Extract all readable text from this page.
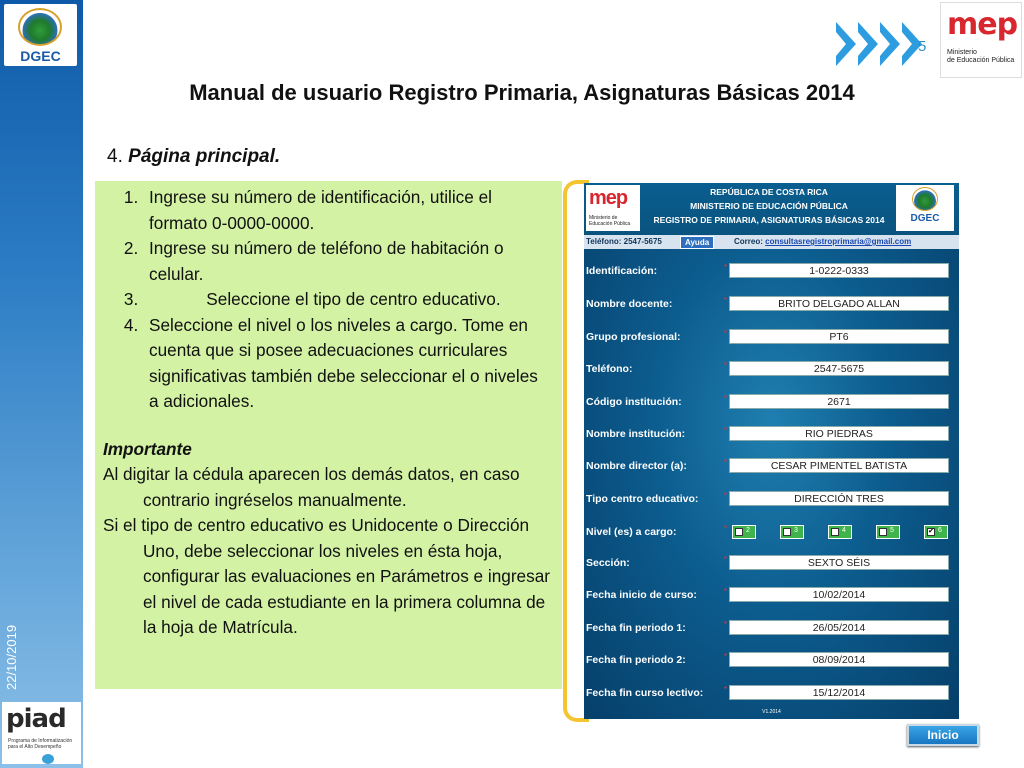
DGEC
22/10/2019
piad
Programa de Informatización para el Alto Desempeño
5
mep
Ministerio
de Educación Pública
Manual de usuario Registro Primaria, Asignaturas Básicas 2014
4. Página principal.
1. Ingrese su número de identificación, utilice el formato 0-0000-0000.
2. Ingrese su número de teléfono de habitación o celular.
3.             Seleccione el tipo de centro educativo.
4. Seleccione el nivel o los niveles a cargo. Tome en cuenta que si posee adecuaciones curriculares significativas también debe seleccionar el o niveles a adicionales.
Importante
Al digitar la cédula aparecen los demás datos, en caso contrario ingréselos manualmente.
Si el tipo de centro educativo es Unidocente o Dirección Uno, debe seleccionar los niveles en ésta hoja, configurar las evaluaciones en Parámetros e ingresar el nivel de cada estudiante en la primera columna de la hoja de Matrícula.
mep
Ministerio de Educación Pública
REPÚBLICA DE COSTA RICA
MINISTERIO DE EDUCACIÓN PÚBLICA
REGISTRO DE PRIMARIA, ASIGNATURAS BÁSICAS 2014	DGEC
Teléfono: 2547-5675	Ayuda	Correo: consultasregistroprimaria@gmail.com
Identificación:	▪	1-0222-0333
Nombre docente:	▪	BRITO DELGADO ALLAN
Grupo profesional:	▪	PT6
Teléfono:	▪	2547-5675
Código institución:	▪	2671
Nombre institución:	▪	RIO PIEDRAS
Nombre director (a):	▪	CESAR PIMENTEL BATISTA
Tipo centro educativo:	▪	DIRECCIÓN TRES
Nivel (es) a cargo:	▪	2	3	4	5	✔ 6
Sección:	▪	SEXTO SÉIS
Fecha inicio de curso:	▪	10/02/2014
Fecha fin periodo 1:	▪	26/05/2014
Fecha fin periodo 2:	▪	08/09/2014
Fecha fin curso lectivo:	▪	15/12/2014
V1.2014
Inicio
